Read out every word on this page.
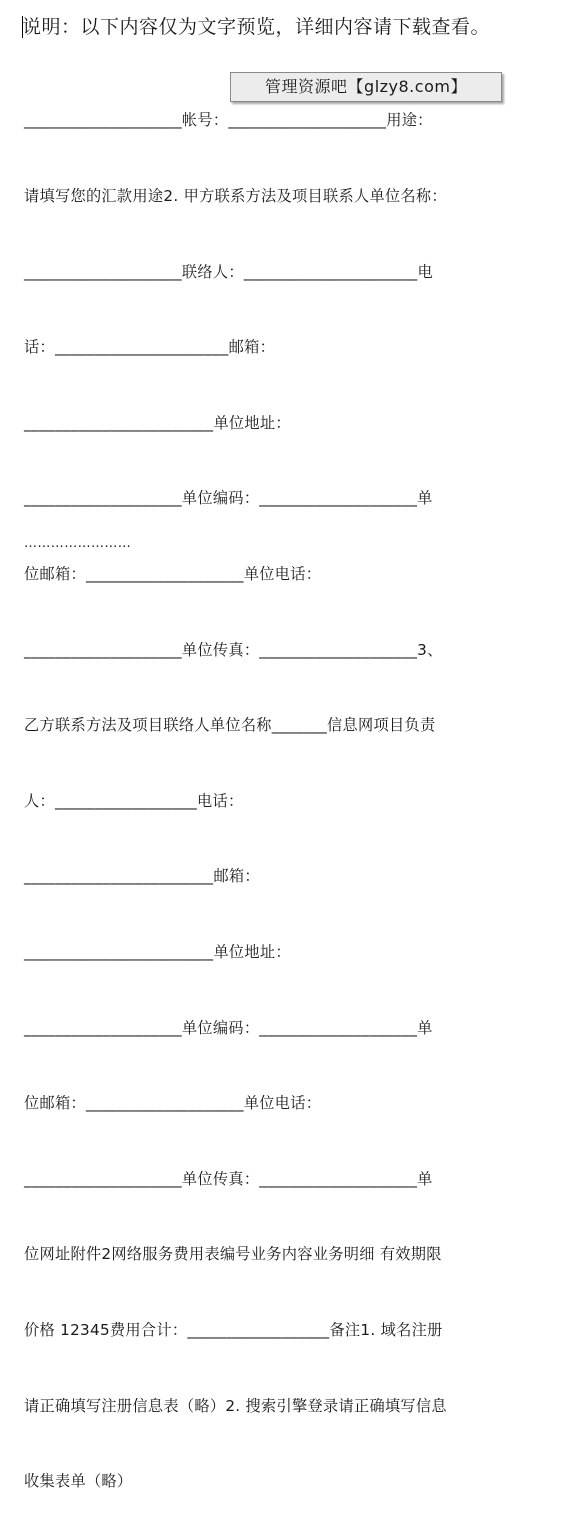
说明：以下内容仅为文字预览，详细内容请下载查看。

____________________帐号：____________________用途：

请填写您的汇款用途2. 甲方联系方法及项目联系人单位名称：

____________________联络人：______________________电

话：______________________邮箱：

________________________单位地址：

____________________单位编码：____________________单

位邮箱：____________________单位电话：

____________________单位传真：____________________3、

乙方联系方法及项目联络人单位名称_______信息网项目负责

人：__________________电话：

________________________邮箱：

________________________单位地址：

____________________单位编码：____________________单

位邮箱：____________________单位电话：

____________________单位传真：____________________单

位网址附件2网络服务费用表编号业务内容业务明细 有效期限

价格 12345费用合计：__________________备注1. 域名注册

请正确填写注册信息表（略）2. 搜索引擎登录请正确填写信息

收集表单（略）

……………………
管理资源吧【glzy8.com】
